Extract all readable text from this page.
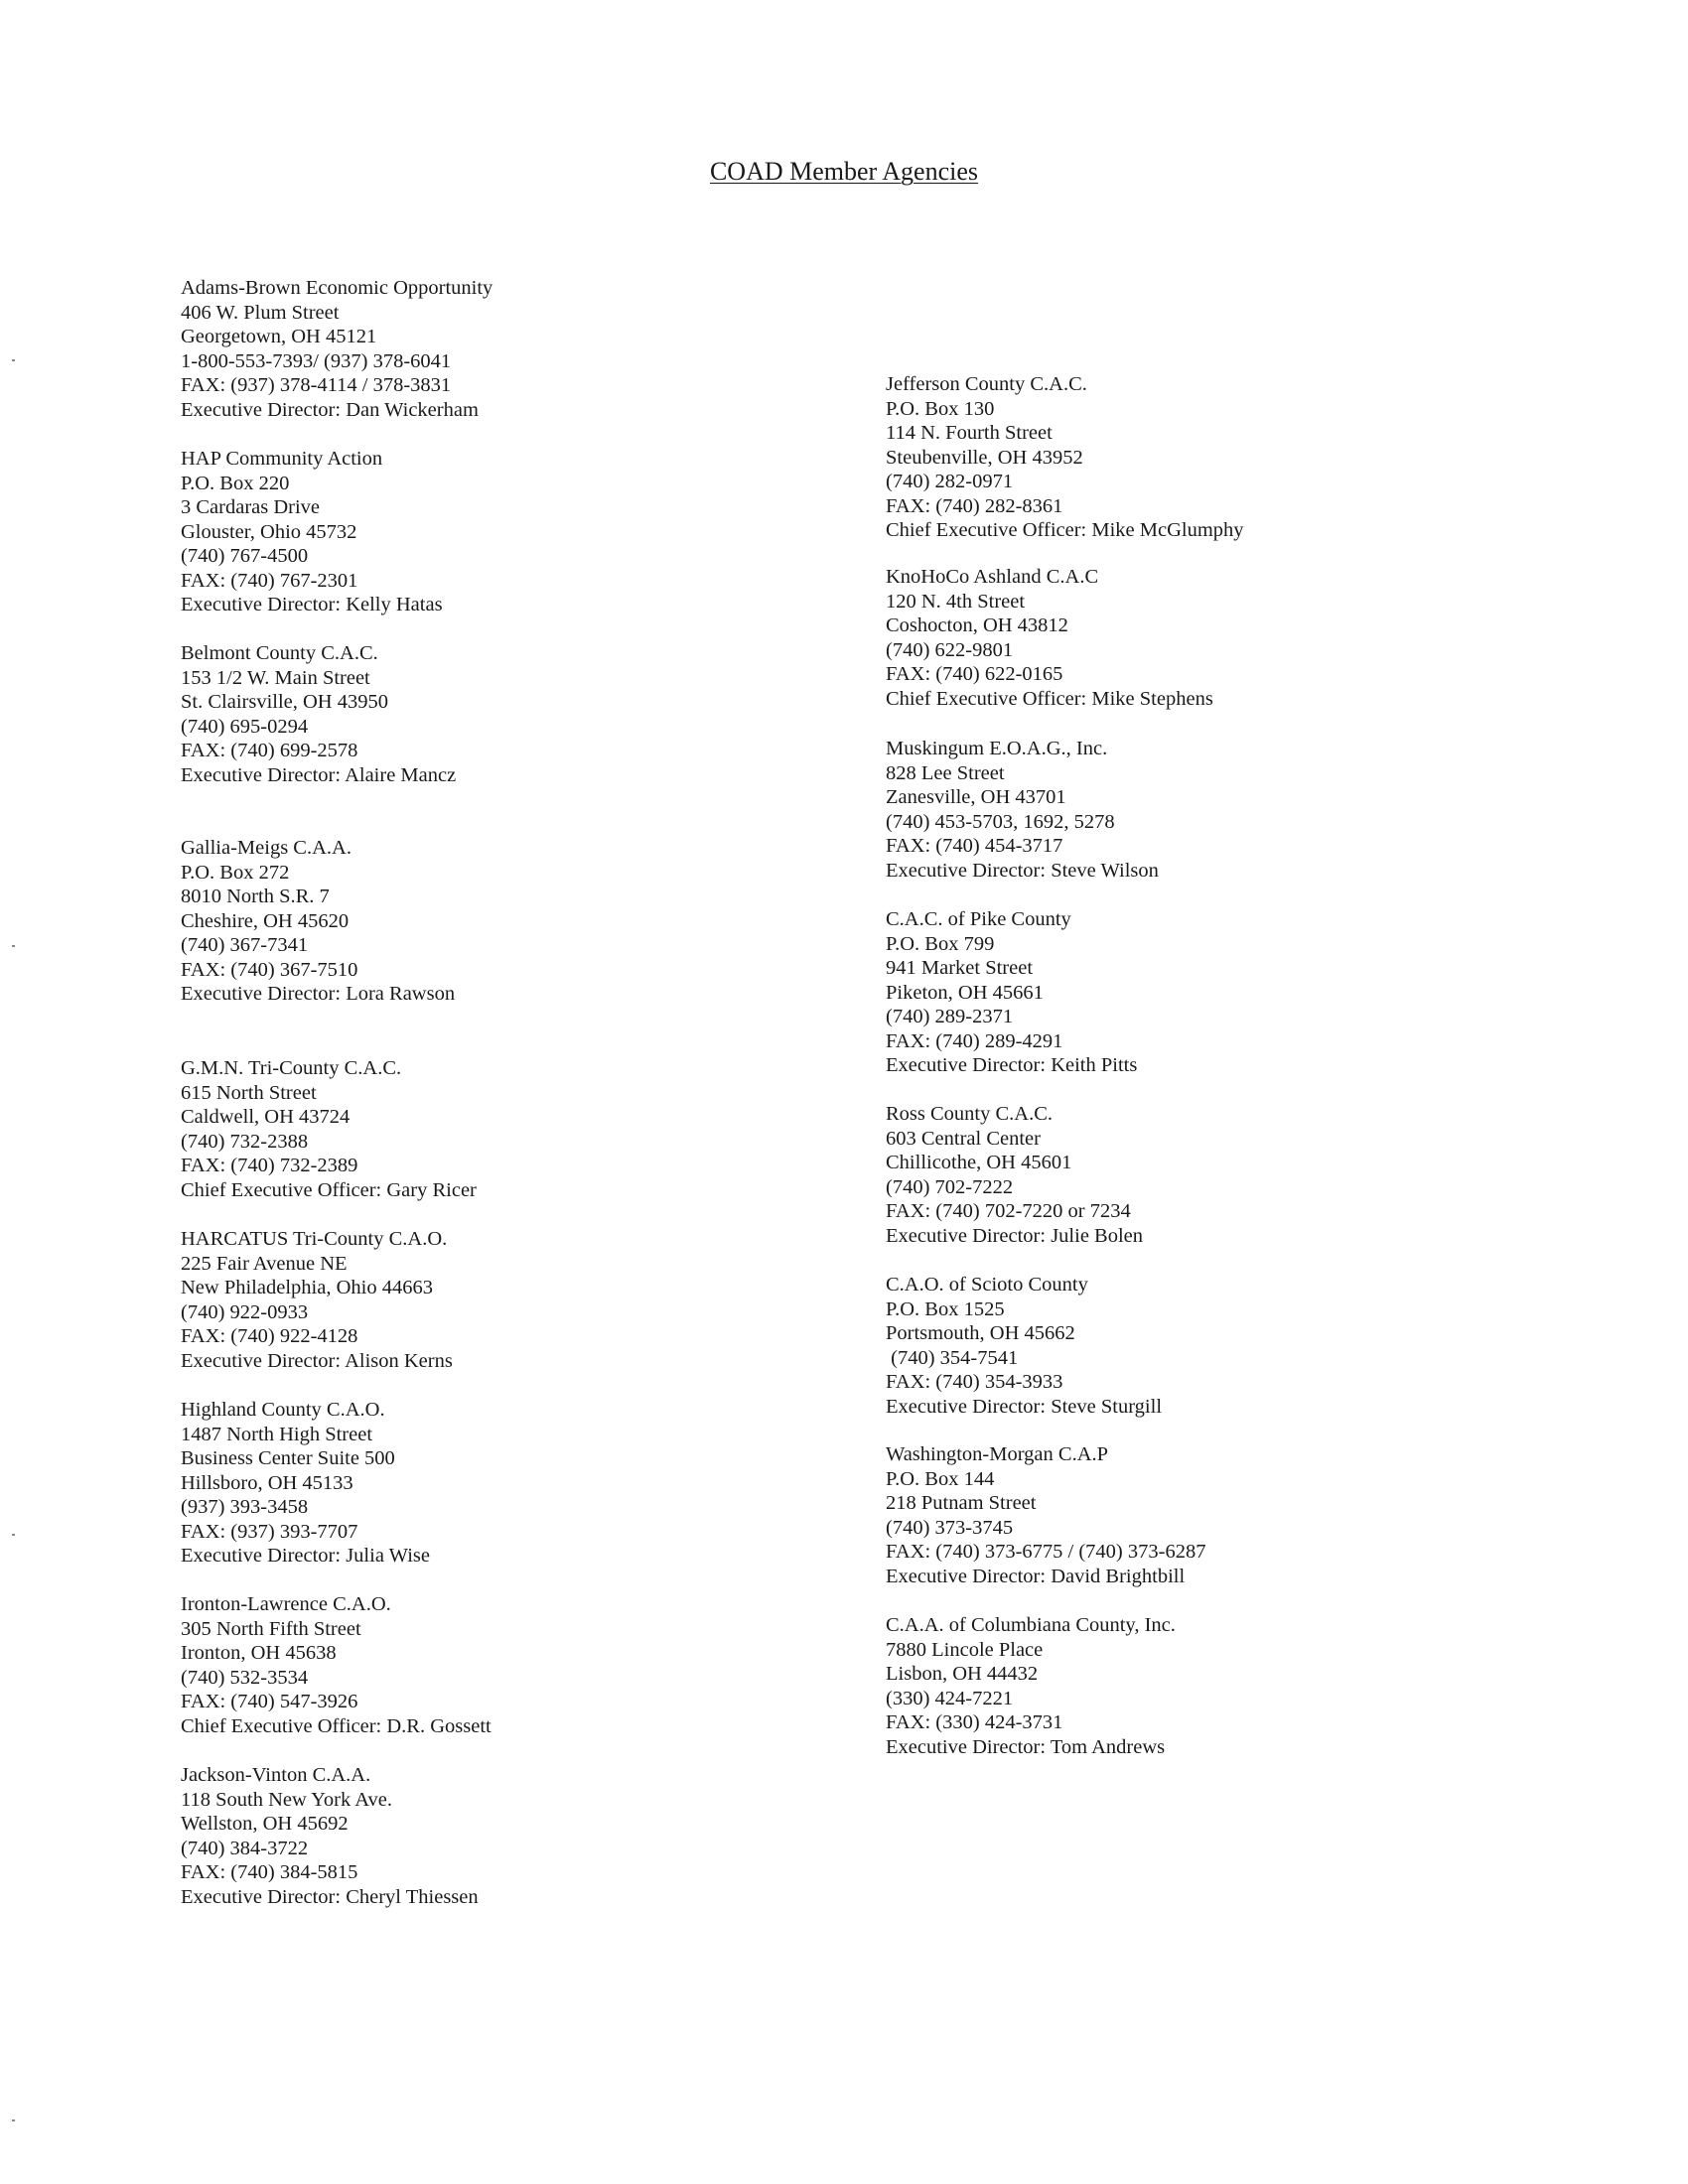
COAD Member Agencies
Adams-Brown Economic Opportunity
406 W. Plum Street
Georgetown, OH 45121
1-800-553-7393/ (937) 378-6041
FAX: (937) 378-4114 / 378-3831
Executive Director: Dan Wickerham
HAP Community Action
P.O. Box 220
3 Cardaras Drive
Glouster, Ohio 45732
(740) 767-4500
FAX: (740) 767-2301
Executive Director: Kelly Hatas
Belmont County C.A.C.
153 1/2 W. Main Street
St. Clairsville, OH 43950
(740) 695-0294
FAX: (740) 699-2578
Executive Director: Alaire Mancz
Gallia-Meigs C.A.A.
P.O. Box 272
8010 North S.R. 7
Cheshire, OH 45620
(740) 367-7341
FAX: (740) 367-7510
Executive Director: Lora Rawson
G.M.N. Tri-County C.A.C.
615 North Street
Caldwell, OH 43724
(740) 732-2388
FAX: (740) 732-2389
Chief Executive Officer: Gary Ricer
HARCATUS Tri-County C.A.O.
225 Fair Avenue NE
New Philadelphia, Ohio 44663
(740) 922-0933
FAX: (740) 922-4128
Executive Director: Alison Kerns
Highland County C.A.O.
1487 North High Street
Business Center Suite 500
Hillsboro, OH 45133
(937) 393-3458
FAX: (937) 393-7707
Executive Director: Julia Wise
Ironton-Lawrence C.A.O.
305 North Fifth Street
Ironton, OH 45638
(740) 532-3534
FAX: (740) 547-3926
Chief Executive Officer: D.R. Gossett
Jackson-Vinton C.A.A.
118 South New York Ave.
Wellston, OH 45692
(740) 384-3722
FAX: (740) 384-5815
Executive Director: Cheryl Thiessen
Jefferson County C.A.C.
P.O. Box 130
114 N. Fourth Street
Steubenville, OH 43952
(740) 282-0971
FAX: (740) 282-8361
Chief Executive Officer: Mike McGlumphy
KnoHoCo Ashland C.A.C
120 N. 4th Street
Coshocton, OH 43812
(740) 622-9801
FAX: (740) 622-0165
Chief Executive Officer: Mike Stephens
Muskingum E.O.A.G., Inc.
828 Lee Street
Zanesville, OH 43701
(740) 453-5703, 1692, 5278
FAX: (740) 454-3717
Executive Director: Steve Wilson
C.A.C. of Pike County
P.O. Box 799
941 Market Street
Piketon, OH 45661
(740) 289-2371
FAX: (740) 289-4291
Executive Director: Keith Pitts
Ross County C.A.C.
603 Central Center
Chillicothe, OH 45601
(740) 702-7222
FAX: (740) 702-7220 or 7234
Executive Director: Julie Bolen
C.A.O. of Scioto County
P.O. Box 1525
Portsmouth, OH 45662
(740) 354-7541
FAX: (740) 354-3933
Executive Director: Steve Sturgill
Washington-Morgan C.A.P
P.O. Box 144
218 Putnam Street
(740) 373-3745
FAX: (740) 373-6775 / (740) 373-6287
Executive Director: David Brightbill
C.A.A. of Columbiana County, Inc.
7880 Lincole Place
Lisbon, OH 44432
(330) 424-7221
FAX: (330) 424-3731
Executive Director: Tom Andrews
